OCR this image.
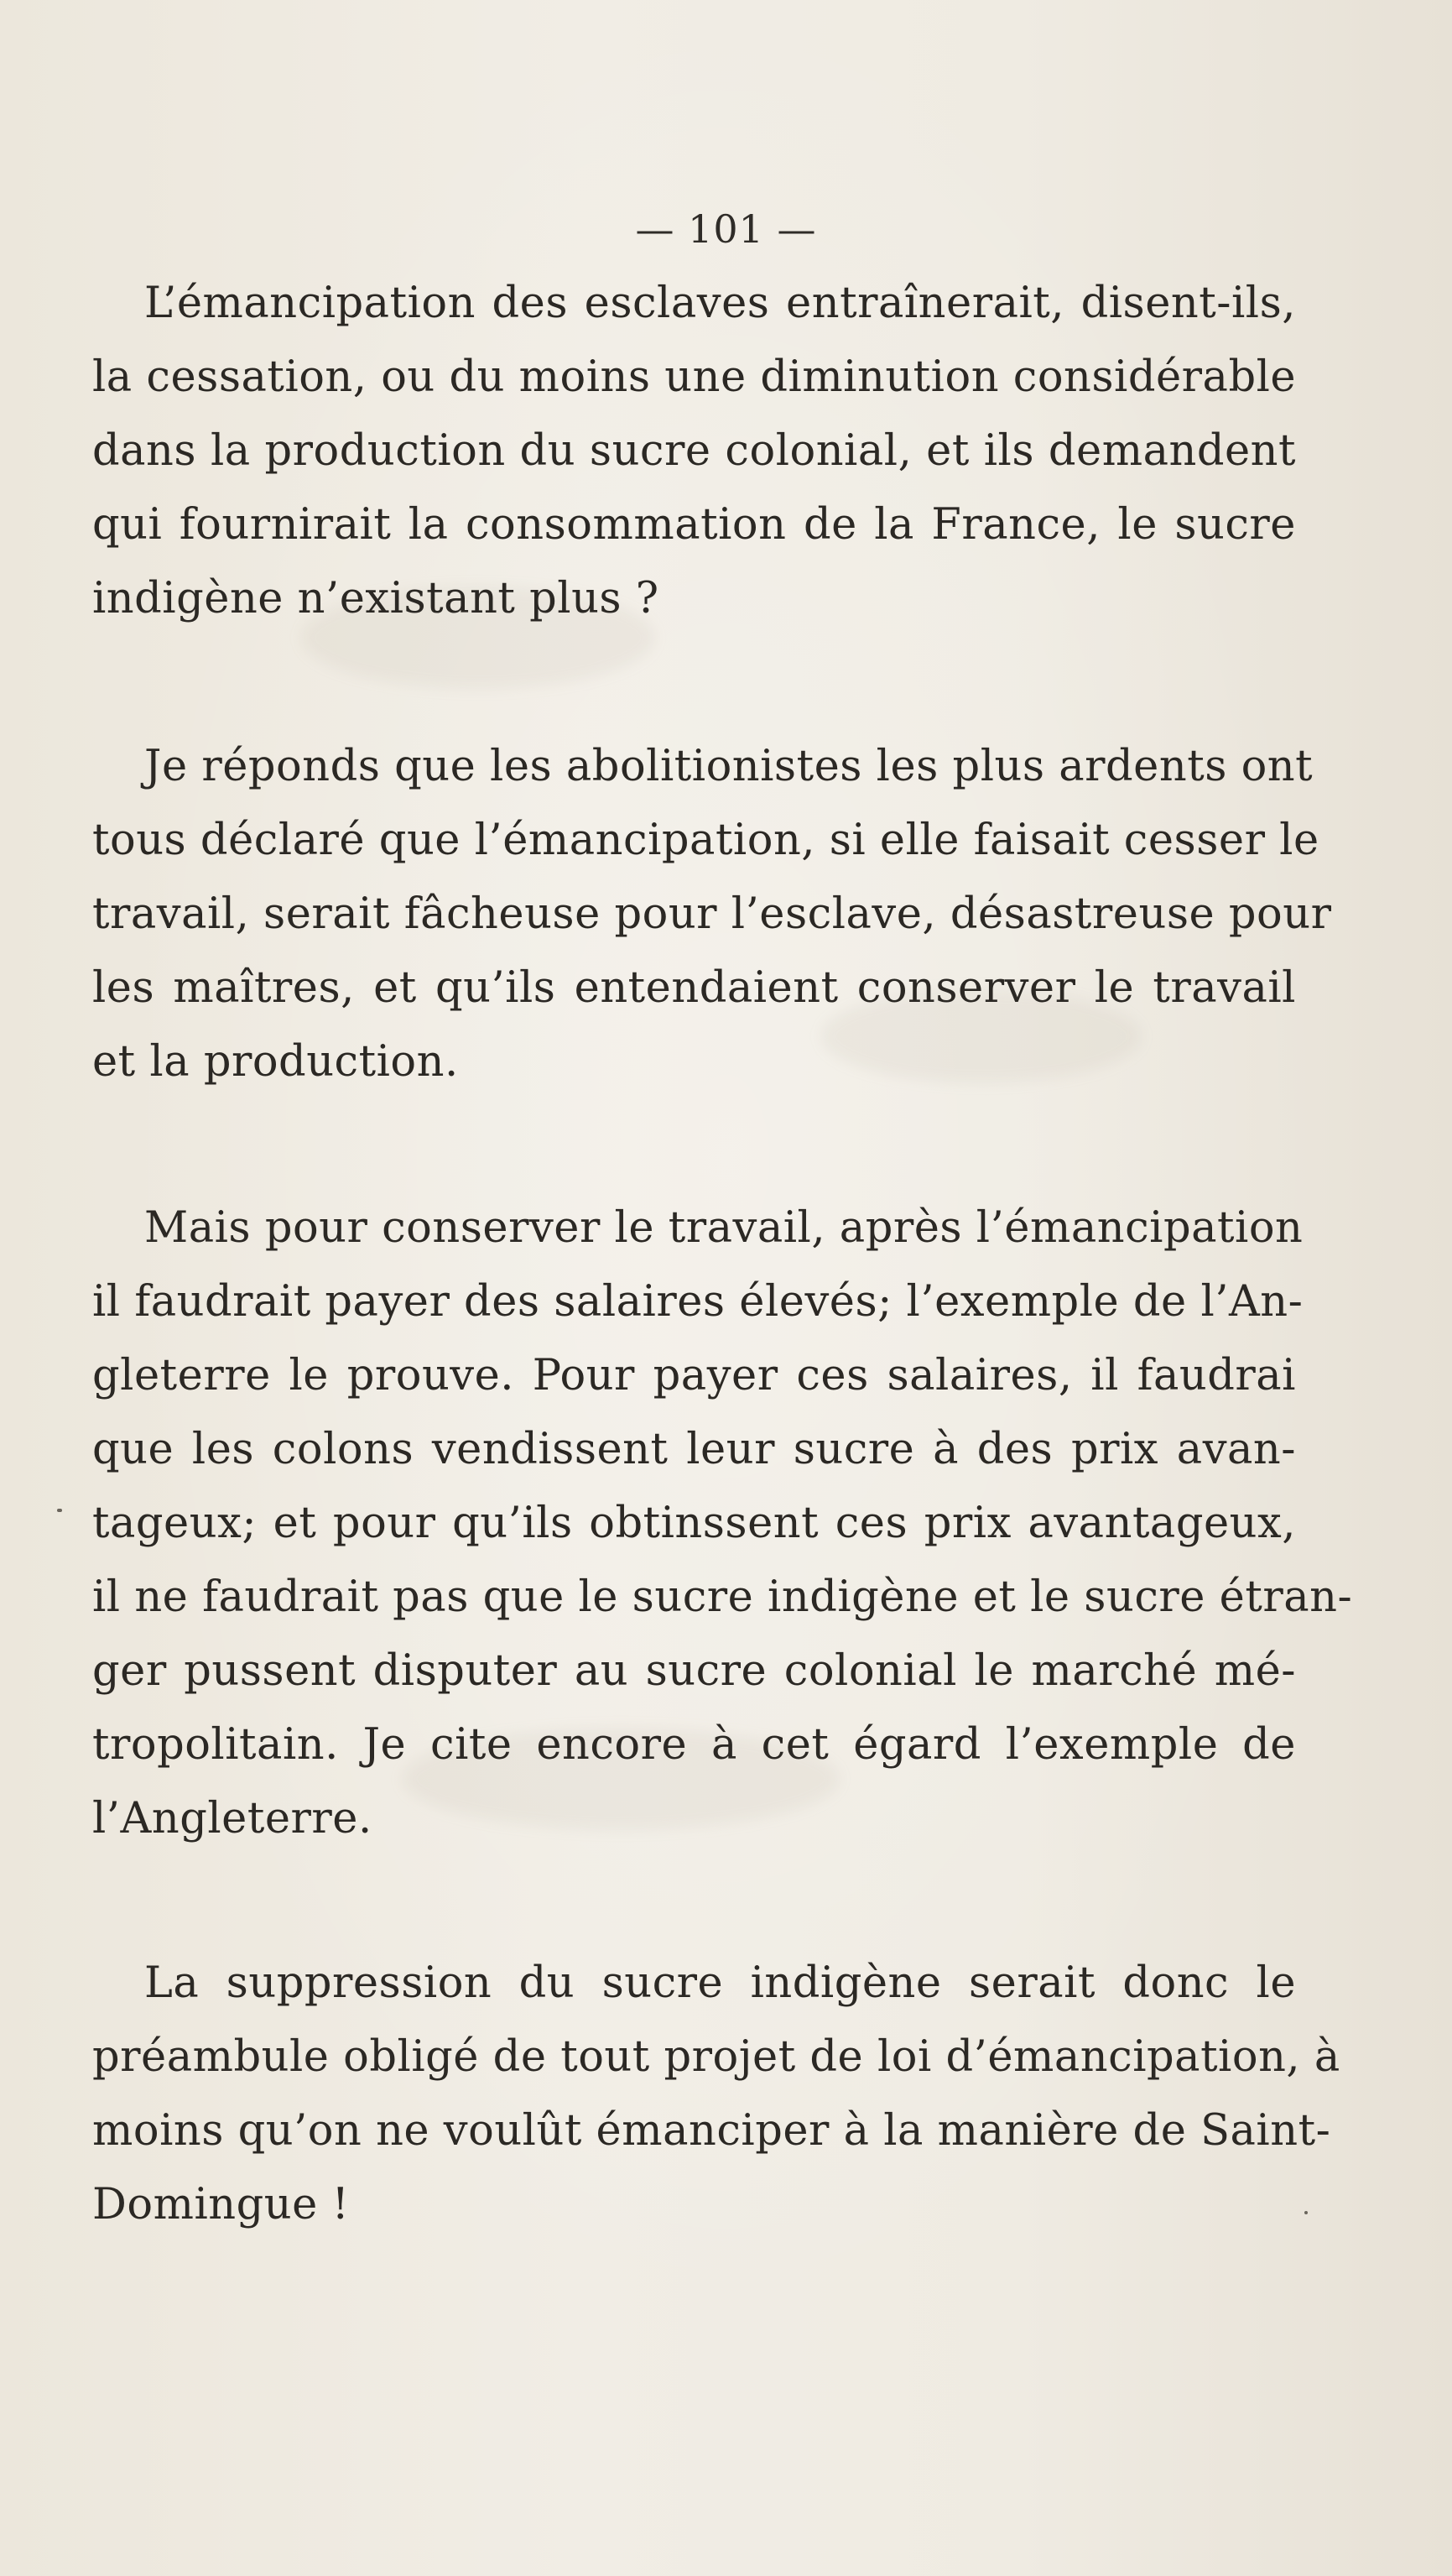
— 101 —
L’émancipation des esclaves entraînerait, disent-ils,
la cessation, ou du moins une diminution considérable
dans la production du sucre colonial, et ils demandent
qui fournirait la consommation de la France, le sucre
indigène n’existant plus ?
Je réponds que les abolitionistes les plus ardents ont
tous déclaré que l’émancipation, si elle faisait cesser le
travail, serait fâcheuse pour l’esclave, désastreuse pour
les maîtres, et qu’ils entendaient conserver le travail
et la production.
Mais pour conserver le travail, après l’émancipation
il faudrait payer des salaires élevés; l’exemple de l’An-
gleterre le prouve. Pour payer ces salaires, il faudrai
que les colons vendissent leur sucre à des prix avan-
tageux; et pour qu’ils obtinssent ces prix avantageux,
il ne faudrait pas que le sucre indigène et le sucre étran-
ger pussent disputer au sucre colonial le marché mé-
tropolitain. Je cite encore à cet égard l’exemple de
l’Angleterre.
La suppression du sucre indigène serait donc le
préambule obligé de tout projet de loi d’émancipation, à
moins qu’on ne voulût émanciper à la manière de Saint-
Domingue !
